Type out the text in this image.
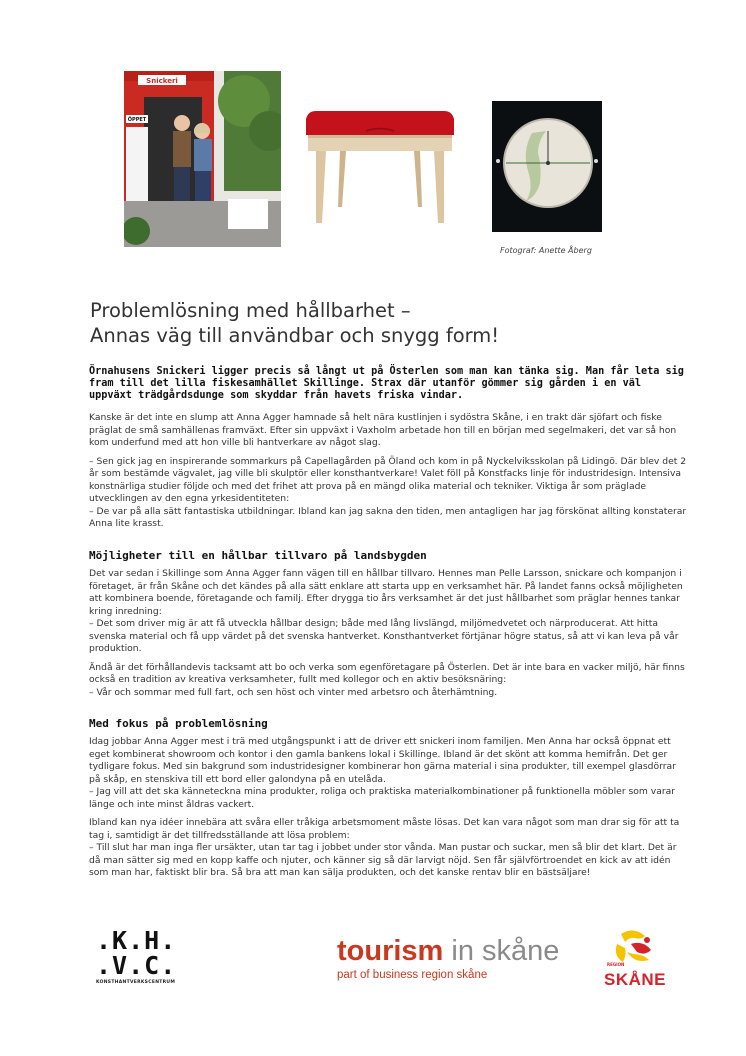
Snickeri
ÖPPET
Fotograf: Anette Åberg
Problemlösning med hållbarhet –
Annas väg till användbar och snygg form!

Örnahusens Snickeri ligger precis så långt ut på Österlen som man kan tänka sig. Man får leta sig fram till det lilla fiskesamhället Skillinge. Strax där utanför gömmer sig gården i en väl uppväxt trädgårdsdunge som skyddar från havets friska vindar.

Kanske är det inte en slump att Anna Agger hamnade så helt nära kustlinjen i sydöstra Skåne, i en trakt där sjöfart och fiske präglat de små samhällenas framväxt. Efter sin uppväxt i Vaxholm arbetade hon till en början med segelmakeri, det var så hon kom underfund med att hon ville bli hantverkare av något slag.

– Sen gick jag en inspirerande sommarkurs på Capellagården på Öland och kom in på Nyckelviksskolan på Lidingö. Där blev det 2 år som bestämde vägvalet, jag ville bli skulptör eller konsthantverkare! Valet föll på Konstfacks linje för industridesign. Intensiva konstnärliga studier följde och med det frihet att prova på en mängd olika material och tekniker. Viktiga år som präglade utvecklingen av den egna yrkesidentiteten:
– De var på alla sätt fantastiska utbildningar. Ibland kan jag sakna den tiden, men antagligen har jag förskönat allting konstaterar Anna lite krasst.

Möjligheter till en hållbar tillvaro på landsbygden

Det var sedan i Skillinge som Anna Agger fann vägen till en hållbar tillvaro. Hennes man Pelle Larsson, snickare och kompanjon i företaget, är från Skåne och det kändes på alla sätt enklare att starta upp en verksamhet här. På landet fanns också möjligheten att kombinera boende, företagande och familj. Efter drygga tio års verksamhet är det just hållbarhet som präglar hennes tankar kring inredning:
– Det som driver mig är att få utveckla hållbar design; både med lång livslängd, miljömedvetet och närproducerat. Att hitta svenska material och få upp värdet på det svenska hantverket. Konsthantverket förtjänar högre status, så att vi kan leva på vår produktion.

Ändå är det förhållandevis tacksamt att bo och verka som egenföretagare på Österlen. Det är inte bara en vacker miljö, här finns också en tradition av kreativa verksamheter, fullt med kollegor och en aktiv besöksnäring:
– Vår och sommar med full fart, och sen höst och vinter med arbetsro och återhämtning.

Med fokus på problemlösning

Idag jobbar Anna Agger mest i trä med utgångspunkt i att de driver ett snickeri inom familjen. Men Anna har också öppnat ett eget kombinerat showroom och kontor i den gamla bankens lokal i Skillinge. Ibland är det skönt att komma hemifrån. Det ger tydligare fokus. Med sin bakgrund som industridesigner kombinerar hon gärna material i sina produkter, till exempel glasdörrar på skåp, en stenskiva till ett bord eller galondyna på en utelåda.
– Jag vill att det ska känneteckna mina produkter, roliga och praktiska materialkombinationer på funktionella möbler som varar länge och inte minst åldras vackert.

Ibland kan nya idéer innebära att svåra eller tråkiga arbetsmoment måste lösas. Det kan vara något som man drar sig för att ta tag i, samtidigt är det tillfredsställande att lösa problem:
– Till slut har man inga fler ursäkter, utan tar tag i jobbet under stor vånda. Man pustar och suckar, men så blir det klart. Det är då man sätter sig med en kopp kaffe och njuter, och känner sig så där larvigt nöjd. Sen får självförtroendet en kick av att idén som man har, faktiskt blir bra. Så bra att man kan sälja produkten, och det kanske rentav blir en bästsäljare!

.K.H.
.V.C.
KONSTHANTVERKSCENTRUM
tourism in skåne
part of business region skåne
REGION
SKÅNE
